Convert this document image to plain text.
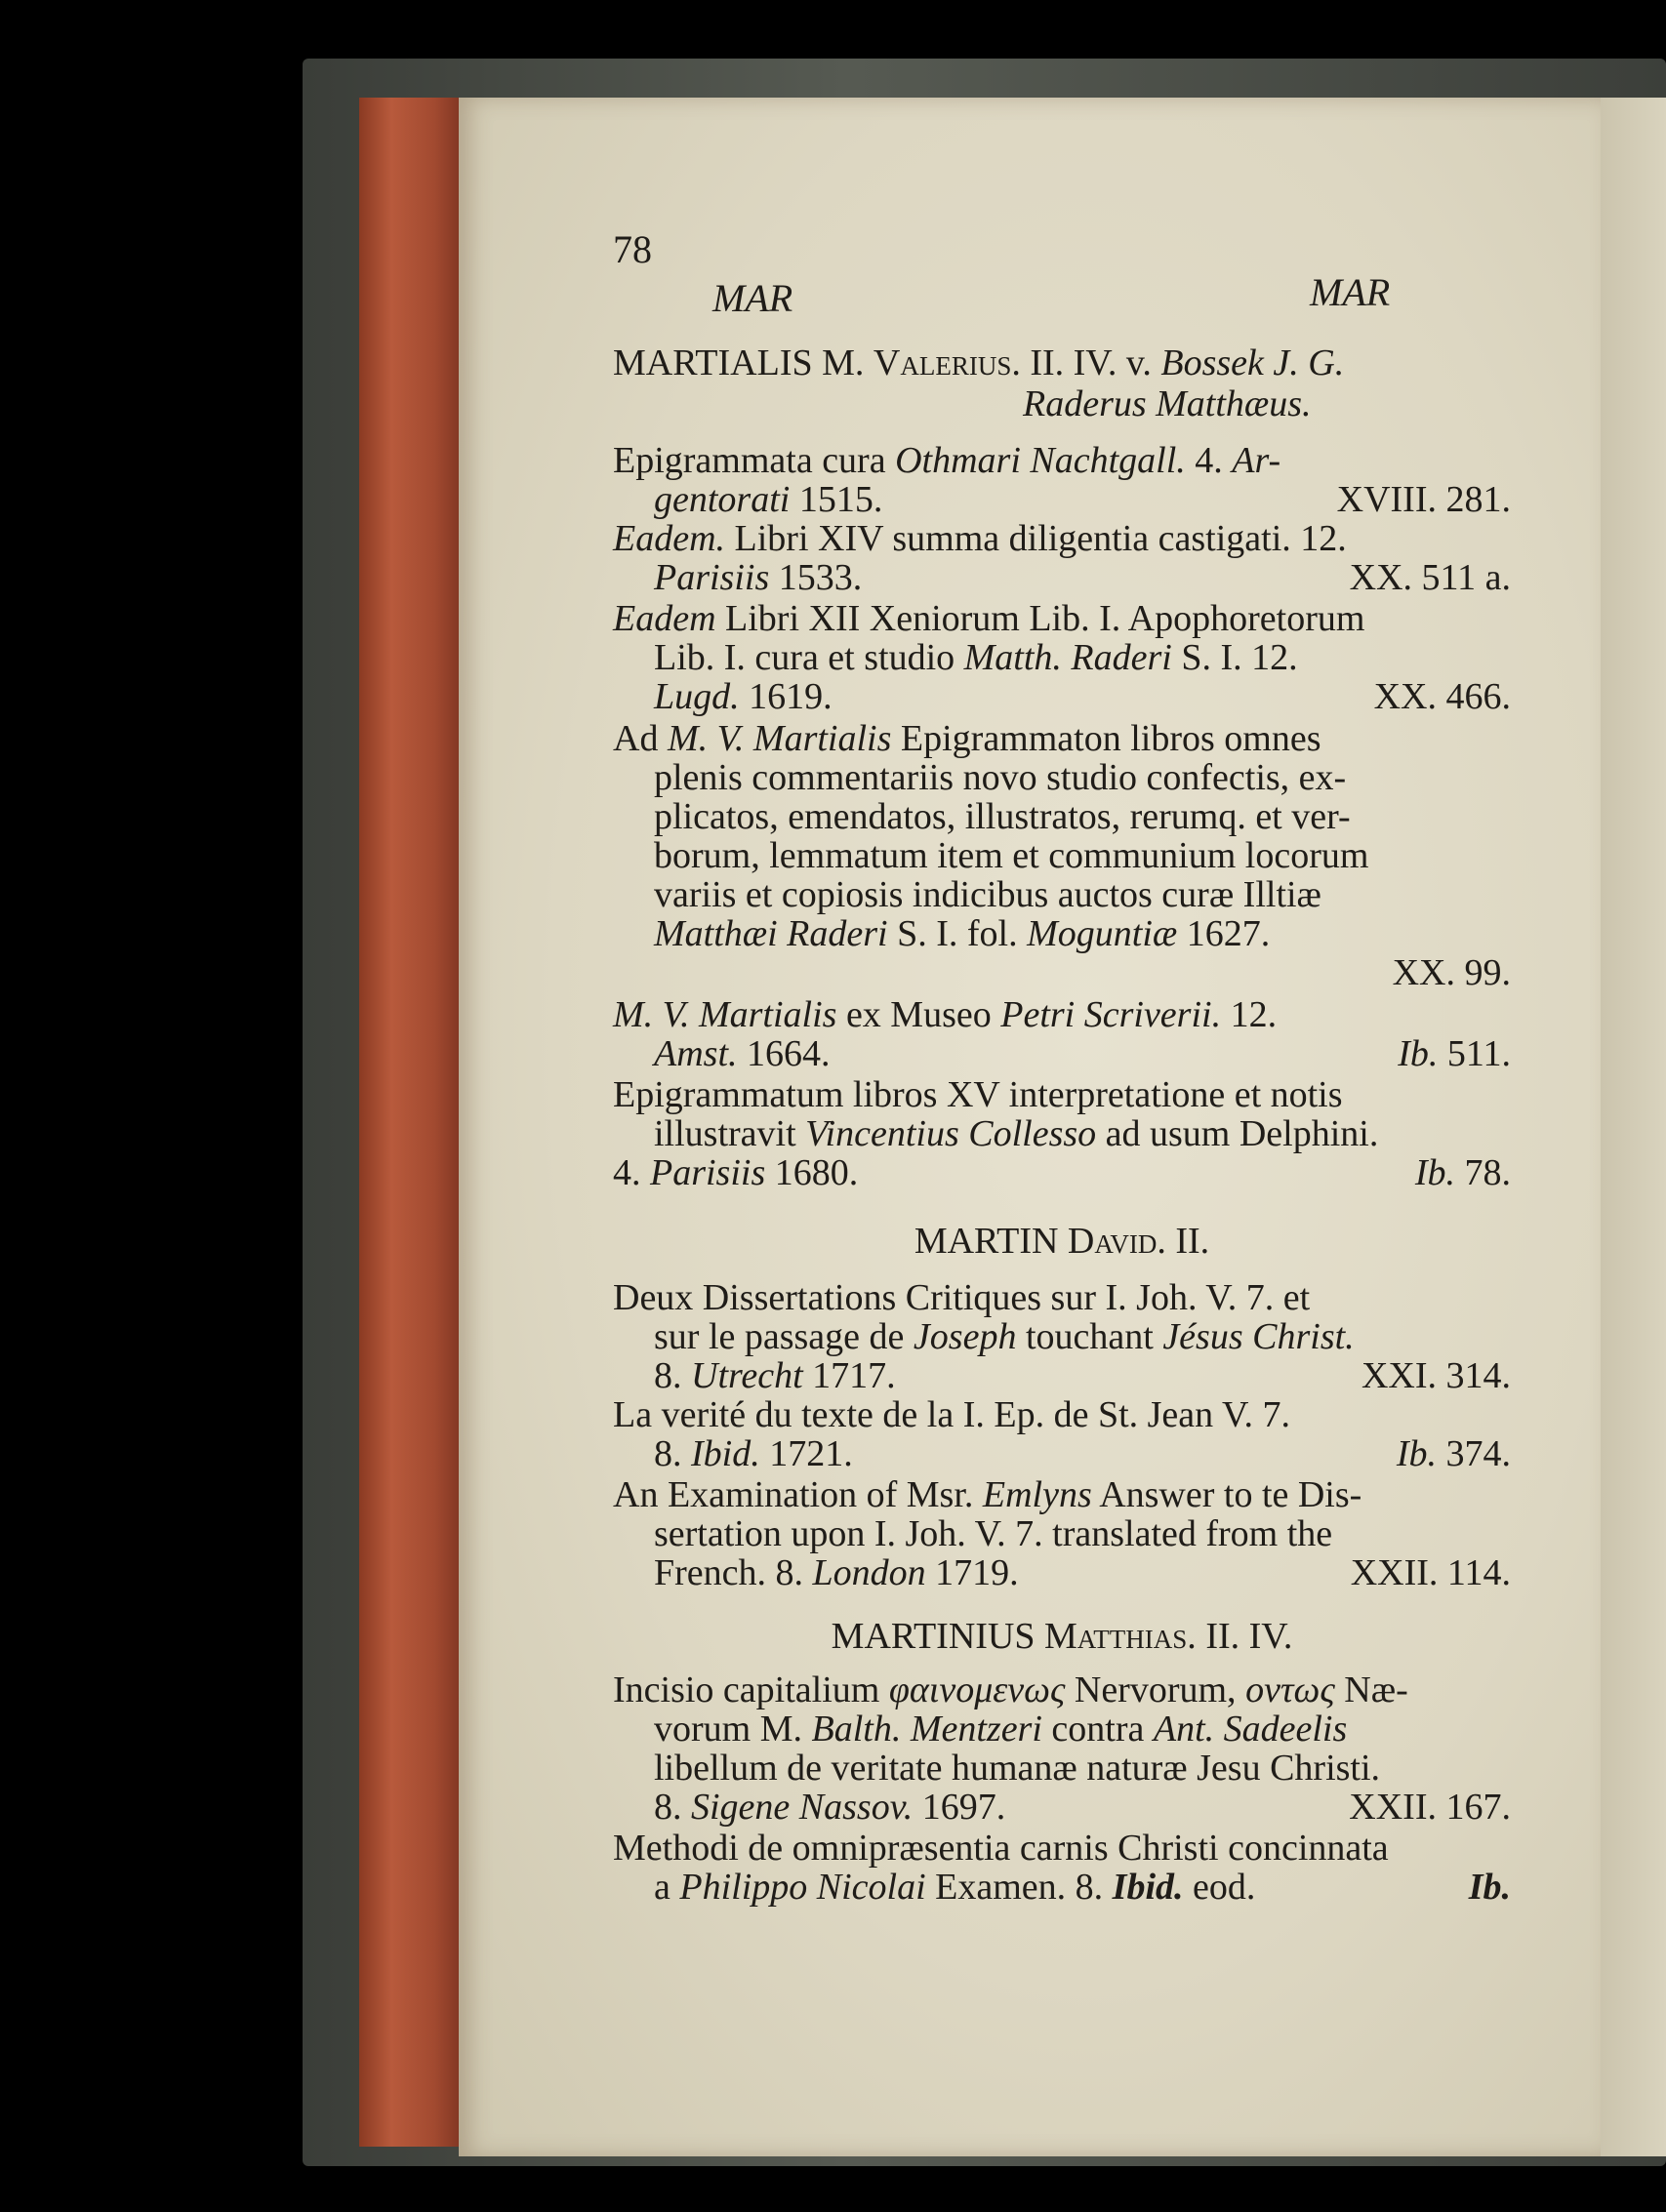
78
MAR	MAR
MARTIALIS M. Valerius. II. IV. v. Bossek J. G.
Raderus Matthæus.
Epigrammata cura Othmari Nachtgall. 4. Ar-
gentorati 1515.	XVIII. 281.
Eadem. Libri XIV summa diligentia castigati. 12.
Parisiis 1533.	XX. 511 a.
Eadem Libri XII Xeniorum Lib. I. Apophoretorum
Lib. I. cura et studio Matth. Raderi S. I. 12.
Lugd. 1619.	XX. 466.
Ad M. V. Martialis Epigrammaton libros omnes
plenis commentariis novo studio confectis, ex-
plicatos, emendatos, illustratos, rerumq. et ver-
borum, lemmatum item et communium locorum
variis et copiosis indicibus auctos curæ Illtiæ
Matthæi Raderi S. I. fol. Moguntiæ 1627.
XX. 99.
M. V. Martialis ex Museo Petri Scriverii. 12.
Amst. 1664.	Ib. 511.
Epigrammatum libros XV interpretatione et notis
illustravit Vincentius Collesso ad usum Delphini.
4. Parisiis 1680.	Ib. 78.
MARTIN David. II.
Deux Dissertations Critiques sur I. Joh. V. 7. et
sur le passage de Joseph touchant Jésus Christ.
8. Utrecht 1717.	XXI. 314.
La verité du texte de la I. Ep. de St. Jean V. 7.
8. Ibid. 1721.	Ib. 374.
An Examination of Msr. Emlyns Answer to te Dis-
sertation upon I. Joh. V. 7. translated from the
French. 8. London 1719.	XXII. 114.
MARTINIUS Matthias. II. IV.
Incisio capitalium φαινομενως Nervorum, οντως Næ-
vorum M. Balth. Mentzeri contra Ant. Sadeelis
libellum de veritate humanæ naturæ Jesu Christi.
8. Sigene Nassov. 1697.	XXII. 167.
Methodi de omnipræsentia carnis Christi concinnata
a Philippo Nicolai Examen. 8. Ibid. eod.	Ib.
